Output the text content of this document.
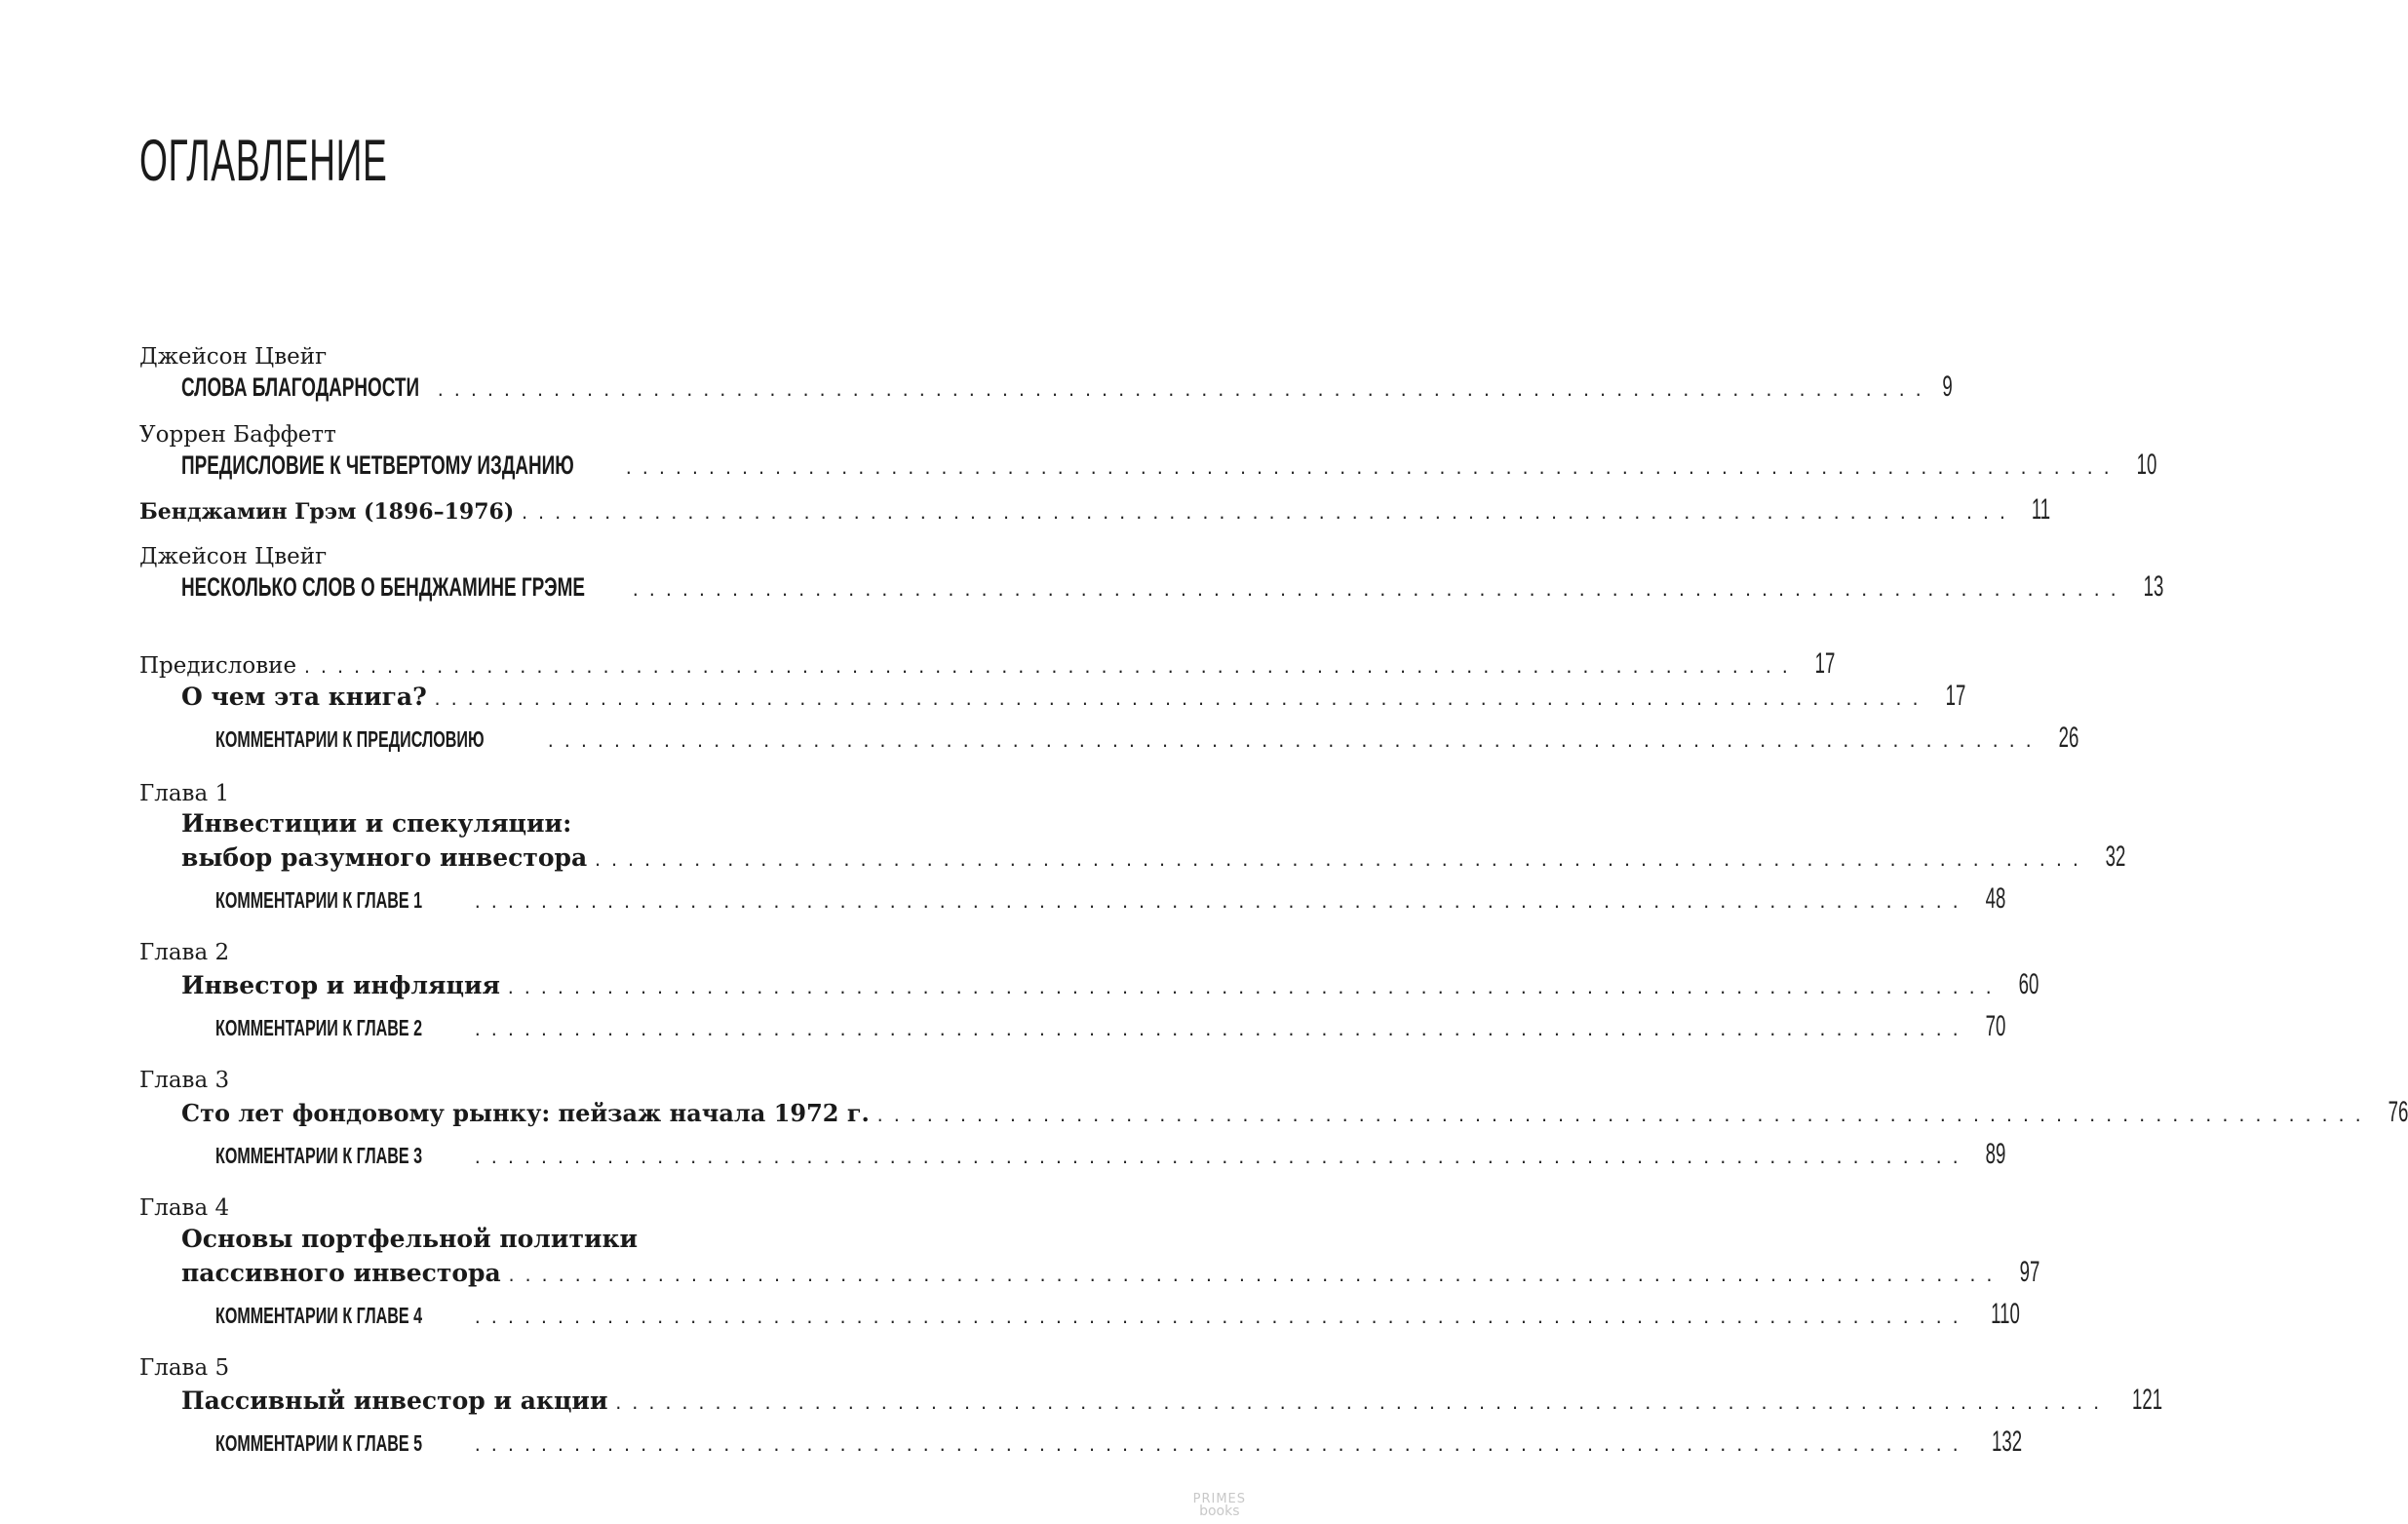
ОГЛАВЛЕНИЕ
Джейсон Цвейг
СЛОВА БЛАГОДАРНОСТИ .......................................................................................... 9
Уоррен Баффетт
ПРЕДИСЛОВИЕ К ЧЕТВЕРТОМУ ИЗДАНИЮ	.......................................................................................... 10
Бенджамин Грэм (1896–1976) .......................................................................................... 11
Джейсон Цвейг
НЕСКОЛЬКО СЛОВ О БЕНДЖАМИНЕ ГРЭМЕ	.......................................................................................... 13
Предисловие .......................................................................................... 17
О чем эта книга? .......................................................................................... 17
КОММЕНТАРИИ К ПРЕДИСЛОВИЮ	.......................................................................................... 26
Глава 1
Инвестиции и спекуляции:
выбор разумного инвестора .......................................................................................... 32
КОММЕНТАРИИ К ГЛАВЕ 1	.......................................................................................... 48
Глава 2
Инвестор и инфляция .......................................................................................... 60
КОММЕНТАРИИ К ГЛАВЕ 2	.......................................................................................... 70
Глава 3
Сто лет фондовому рынку: пейзаж начала 1972 г. .......................................................................................... 76
КОММЕНТАРИИ К ГЛАВЕ 3	.......................................................................................... 89
Глава 4
Основы портфельной политики
пассивного инвестора .......................................................................................... 97
КОММЕНТАРИИ К ГЛАВЕ 4	.......................................................................................... 110
Глава 5
Пассивный инвестор и акции .......................................................................................... 121
КОММЕНТАРИИ К ГЛАВЕ 5	.......................................................................................... 132
PRIMES
books
